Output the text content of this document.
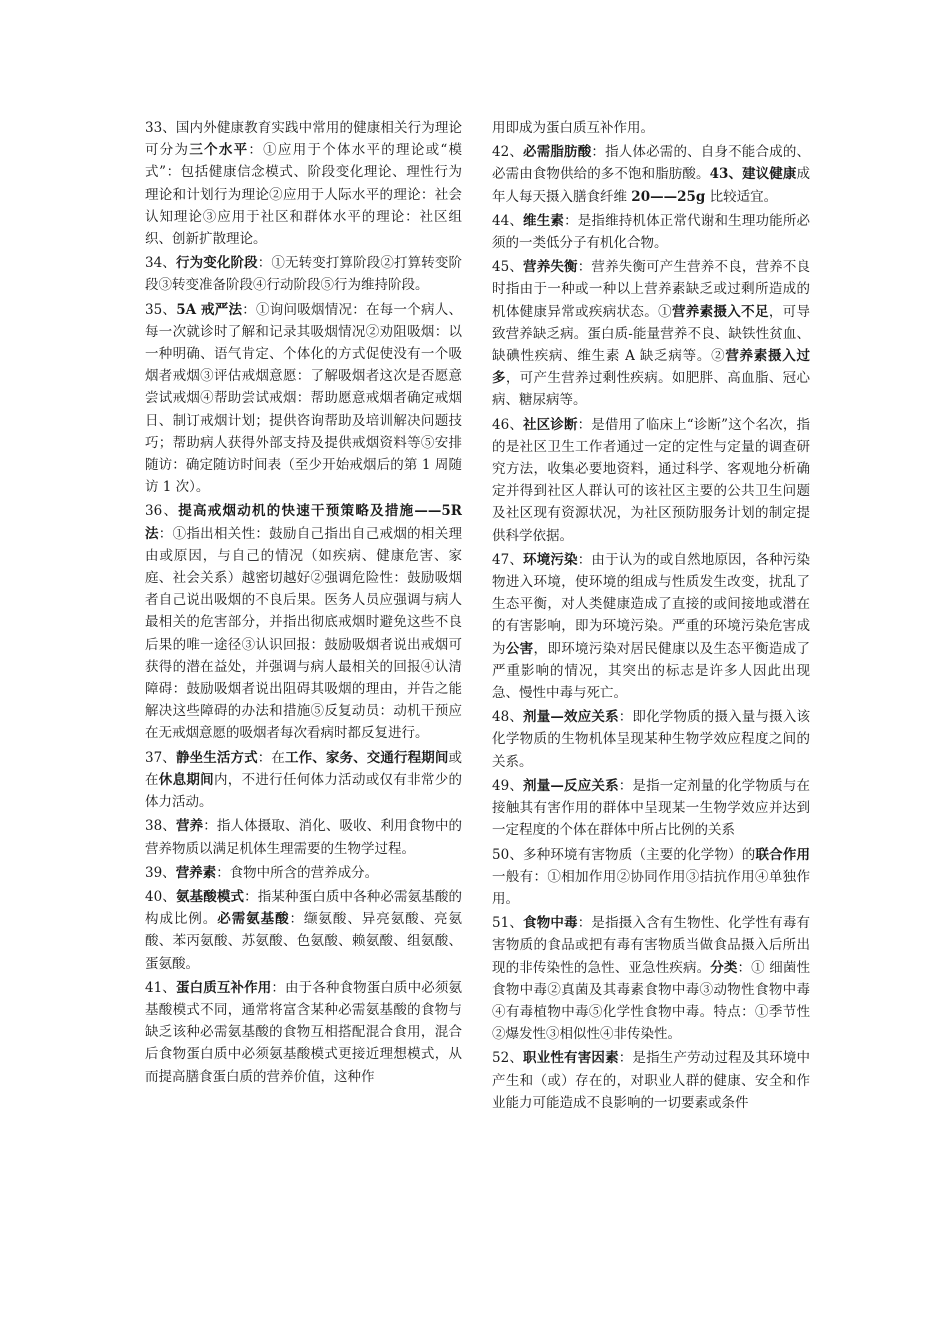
33、国内外健康教育实践中常用的健康相关行为理论可分为三个水平：①应用于个体水平的理论或“模式”：包括健康信念模式、阶段变化理论、理性行为理论和计划行为理论②应用于人际水平的理论：社会认知理论③应用于社区和群体水平的理论：社区组织、创新扩散理论。

34、行为变化阶段：①无转变打算阶段②打算转变阶段③转变准备阶段④行动阶段⑤行为维持阶段。

35、5A 戒严法：①询问吸烟情况：在每一个病人、每一次就诊时了解和记录其吸烟情况②劝阻吸烟：以一种明确、语气肯定、个体化的方式促使没有一个吸烟者戒烟③评估戒烟意愿：了解吸烟者这次是否愿意尝试戒烟④帮助尝试戒烟：帮助愿意戒烟者确定戒烟日、制订戒烟计划；提供咨询帮助及培训解决问题技巧；帮助病人获得外部支持及提供戒烟资料等⑤安排随访：确定随访时间表（至少开始戒烟后的第 1 周随访 1 次）。

36、提高戒烟动机的快速干预策略及措施——5R 法：①指出相关性：鼓励自己指出自己戒烟的相关理由或原因，与自己的情况（如疾病、健康危害、家庭、社会关系）越密切越好②强调危险性：鼓励吸烟者自己说出吸烟的不良后果。医务人员应强调与病人最相关的危害部分，并指出彻底戒烟时避免这些不良后果的唯一途径③认识回报：鼓励吸烟者说出戒烟可获得的潜在益处，并强调与病人最相关的回报④认清障碍：鼓励吸烟者说出阻碍其吸烟的理由，并告之能解决这些障碍的办法和措施⑤反复动员：动机干预应在无戒烟意愿的吸烟者每次看病时都反复进行。

37、静坐生活方式：在工作、家务、交通行程期间或在休息期间内，不进行任何体力活动或仅有非常少的体力活动。

38、营养：指人体摄取、消化、吸收、利用食物中的营养物质以满足机体生理需要的生物学过程。

39、营养素：食物中所含的营养成分。

40、氨基酸模式：指某种蛋白质中各种必需氨基酸的构成比例。必需氨基酸：缬氨酸、异亮氨酸、亮氨酸、苯丙氨酸、苏氨酸、色氨酸、赖氨酸、组氨酸、蛋氨酸。

41、蛋白质互补作用：由于各种食物蛋白质中必须氨基酸模式不同，通常将富含某种必需氨基酸的食物与缺乏该种必需氨基酸的食物互相搭配混合食用，混合后食物蛋白质中必须氨基酸模式更接近理想模式，从而提高膳食蛋白质的营养价值，这种作

用即成为蛋白质互补作用。

42、必需脂肪酸：指人体必需的、自身不能合成的、必需由食物供给的多不饱和脂肪酸。43、建议健康成年人每天摄入膳食纤维 20——25g 比较适宜。

44、维生素：是指维持机体正常代谢和生理功能所必须的一类低分子有机化合物。

45、营养失衡：营养失衡可产生营养不良，营养不良时指由于一种或一种以上营养素缺乏或过剩所造成的机体健康异常或疾病状态。①营养素摄入不足，可导致营养缺乏病。蛋白质-能量营养不良、缺铁性贫血、缺碘性疾病、维生素 A 缺乏病等。②营养素摄入过多，可产生营养过剩性疾病。如肥胖、高血脂、冠心病、糖尿病等。

46、社区诊断：是借用了临床上“诊断”这个名次，指的是社区卫生工作者通过一定的定性与定量的调查研究方法，收集必要地资料，通过科学、客观地分析确定并得到社区人群认可的该社区主要的公共卫生问题及社区现有资源状况，为社区预防服务计划的制定提供科学依据。

47、环境污染：由于认为的或自然地原因，各种污染物进入环境，使环境的组成与性质发生改变，扰乱了生态平衡，对人类健康造成了直接的或间接地或潜在的有害影响，即为环境污染。严重的环境污染危害成为公害，即环境污染对居民健康以及生态平衡造成了严重影响的情况，其突出的标志是许多人因此出现急、慢性中毒与死亡。

48、剂量—效应关系：即化学物质的摄入量与摄入该化学物质的生物机体呈现某种生物学效应程度之间的关系。

49、剂量—反应关系：是指一定剂量的化学物质与在接触其有害作用的群体中呈现某一生物学效应并达到一定程度的个体在群体中所占比例的关系

50、多种环境有害物质（主要的化学物）的联合作用一般有：①相加作用②协同作用③拮抗作用④单独作用。

51、食物中毒：是指摄入含有生物性、化学性有毒有害物质的食品或把有毒有害物质当做食品摄入后所出现的非传染性的急性、亚急性疾病。分类：① 细菌性食物中毒②真菌及其毒素食物中毒③动物性食物中毒④有毒植物中毒⑤化学性食物中毒。特点：①季节性②爆发性③相似性④非传染性。

52、职业性有害因素：是指生产劳动过程及其环境中产生和（或）存在的，对职业人群的健康、安全和作业能力可能造成不良影响的一切要素或条件
